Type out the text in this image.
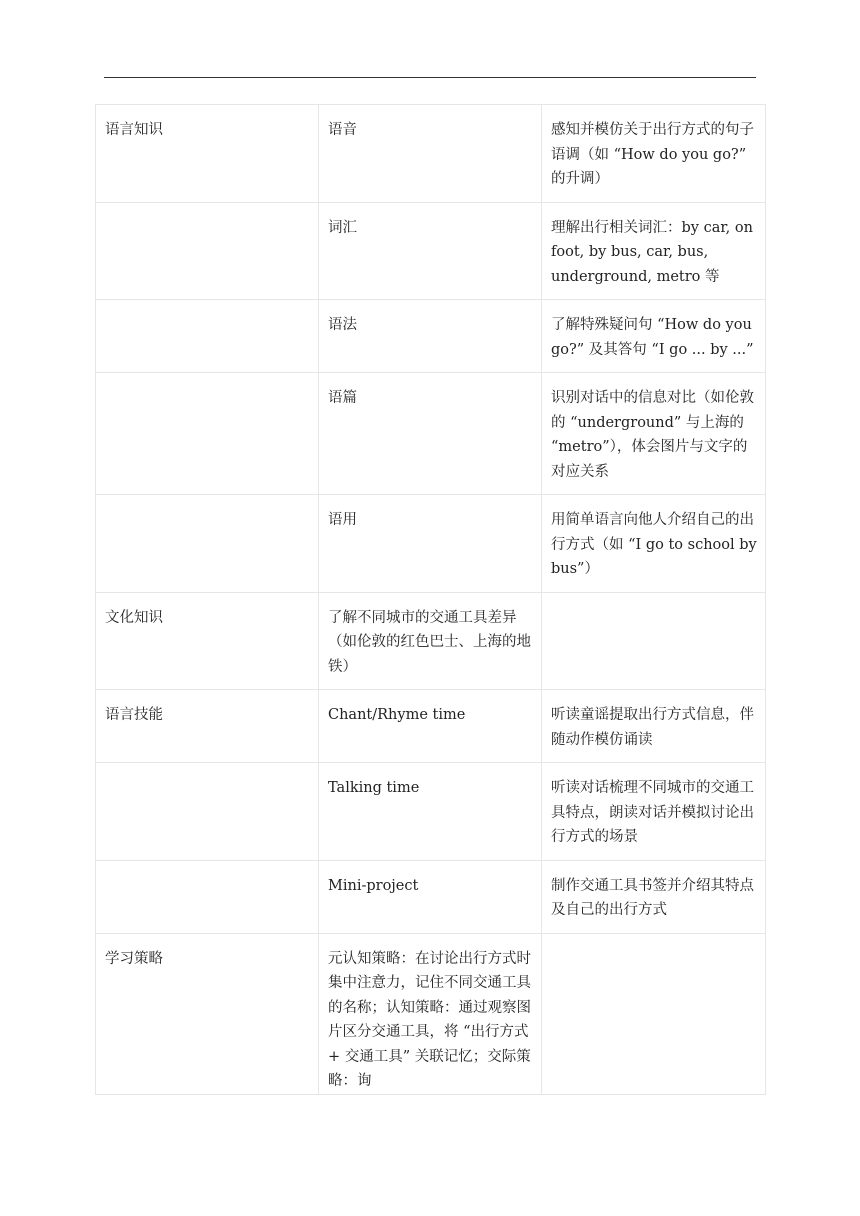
语言知识	语音	感知并模仿关于出行方式的句子语调（如 “How do you go?” 的升调）
	词汇	理解出行相关词汇：by car, on foot, by bus, car, bus, underground, metro 等
	语法	了解特殊疑问句 “How do you go?” 及其答句 “I go ... by ...”
	语篇	识别对话中的信息对比（如伦敦的 “underground” 与上海的 “metro”），体会图片与文字的对应关系
	语用	用简单语言向他人介绍自己的出行方式（如 “I go to school by bus”）
文化知识	了解不同城市的交通工具差异（如伦敦的红色巴士、上海的地铁）	
语言技能	Chant/Rhyme time	听读童谣提取出行方式信息，伴随动作模仿诵读
	Talking time	听读对话梳理不同城市的交通工具特点，朗读对话并模拟讨论出行方式的场景
	Mini-project	制作交通工具书签并介绍其特点及自己的出行方式
学习策略	元认知策略：在讨论出行方式时集中注意力，记住不同交通工具的名称；认知策略：通过观察图片区分交通工具，将 “出行方式 + 交通工具” 关联记忆；交际策略：询	
